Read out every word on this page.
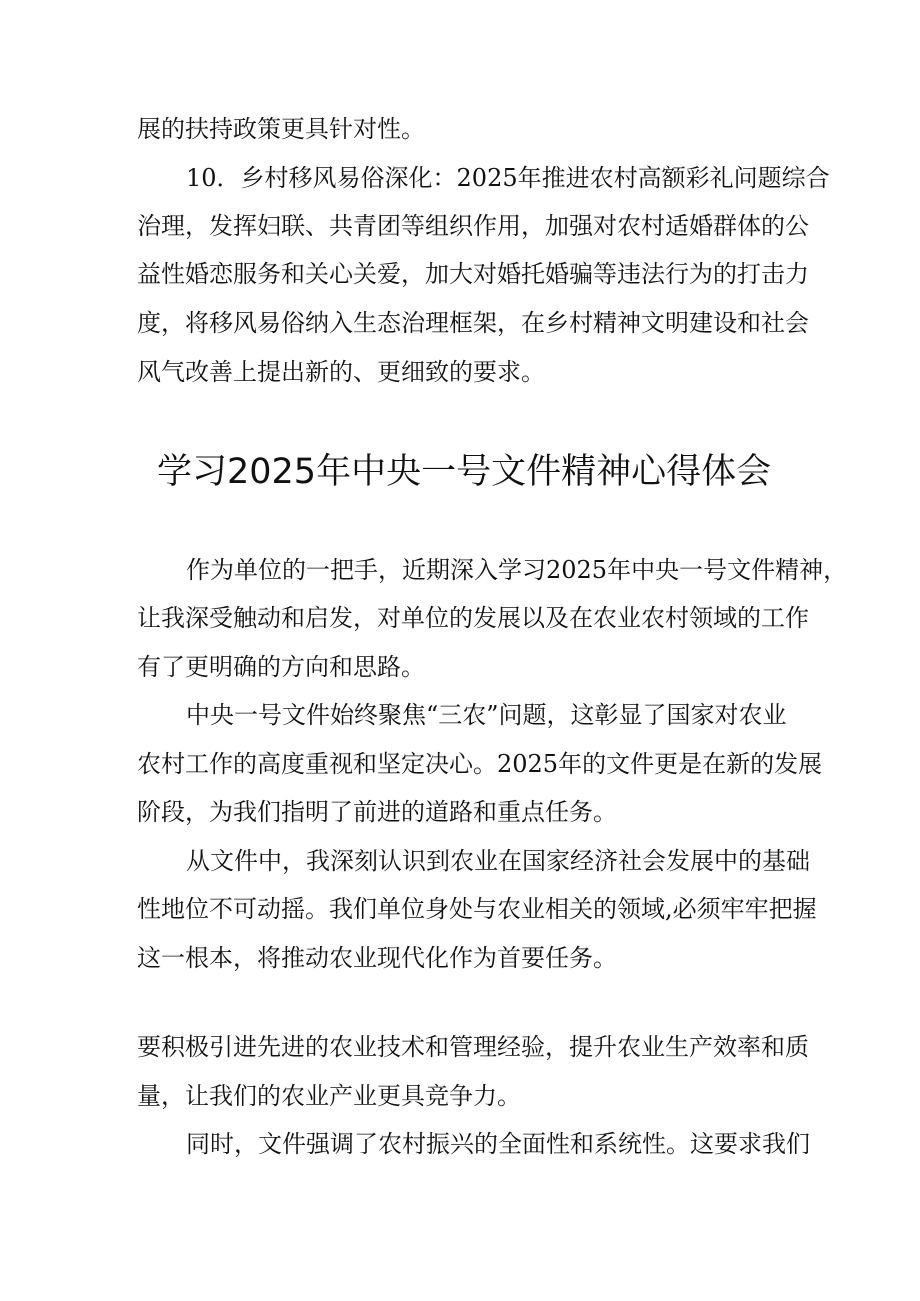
展的扶持政策更具针对性。
10．乡村移风易俗深化：2025年推进农村高额彩礼问题综合
治理，发挥妇联、共青团等组织作用，加强对农村适婚群体的公
益性婚恋服务和关心关爱，加大对婚托婚骗等违法行为的打击力
度，将移风易俗纳入生态治理框架，在乡村精神文明建设和社会
风气改善上提出新的、更细致的要求。
学习2025年中央一号文件精神心得体会
作为单位的一把手，近期深入学习2025年中央一号文件精神，
让我深受触动和启发，对单位的发展以及在农业农村领域的工作
有了更明确的方向和思路。
中央一号文件始终聚焦“三农”问题，这彰显了国家对农业
农村工作的高度重视和坚定决心。2025年的文件更是在新的发展
阶段，为我们指明了前进的道路和重点任务。
从文件中，我深刻认识到农业在国家经济社会发展中的基础
性地位不可动摇。我们单位身处与农业相关的领域,必须牢牢把握
这一根本，将推动农业现代化作为首要任务。
要积极引进先进的农业技术和管理经验，提升农业生产效率和质
量，让我们的农业产业更具竞争力。
同时，文件强调了农村振兴的全面性和系统性。这要求我们
